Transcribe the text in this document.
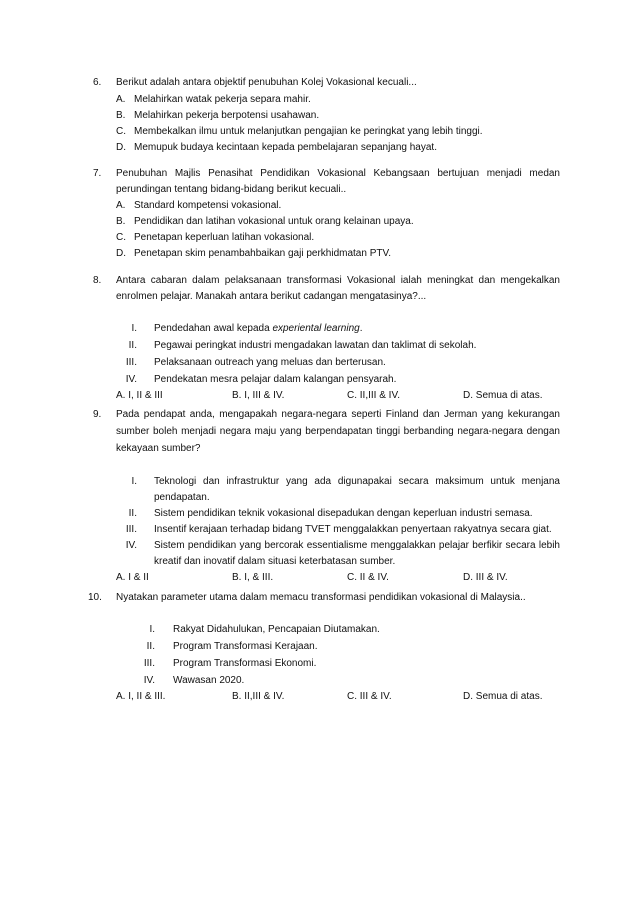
6. Berikut adalah antara objektif penubuhan Kolej Vokasional kecuali...
A. Melahirkan watak pekerja separa mahir.
B. Melahirkan pekerja berpotensi usahawan.
C. Membekalkan ilmu untuk melanjutkan pengajian ke peringkat yang lebih tinggi.
D. Memupuk budaya kecintaan kepada pembelajaran sepanjang hayat.
7. Penubuhan Majlis Penasihat Pendidikan Vokasional Kebangsaan bertujuan menjadi medan
perundingan tentang bidang-bidang berikut kecuali..
A. Standard kompetensi vokasional.
B. Pendidikan dan latihan vokasional untuk orang kelainan upaya.
C. Penetapan keperluan latihan vokasional.
D. Penetapan skim penambahbaikan gaji perkhidmatan PTV.
8. Antara cabaran dalam pelaksanaan transformasi Vokasional ialah meningkat dan mengekalkan
enrolmen pelajar. Manakah antara berikut cadangan mengatasinya?...
I. Pendedahan awal kepada experiental learning.
II. Pegawai peringkat industri mengadakan lawatan dan taklimat di sekolah.
III. Pelaksanaan outreach yang meluas dan berterusan.
IV. Pendekatan mesra pelajar dalam kalangan pensyarah.
A. I, II & III	B. I, III & IV.	C. II,III & IV.	D. Semua di atas.
9. Pada pendapat anda, mengapakah negara-negara seperti Finland dan Jerman yang kekurangan
sumber boleh menjadi negara maju yang berpendapatan tinggi berbanding negara-negara dengan
kekayaan sumber?
I. Teknologi dan infrastruktur yang ada digunapakai secara maksimum untuk menjana
pendapatan.
II. Sistem pendidikan teknik vokasional disepadukan dengan keperluan industri semasa.
III. Insentif kerajaan terhadap bidang TVET menggalakkan penyertaan rakyatnya secara giat.
IV. Sistem pendidikan yang bercorak essentialisme menggalakkan pelajar berfikir secara lebih
kreatif dan inovatif dalam situasi keterbatasan sumber.
A. I & II	B. I, & III.	C. II & IV.	D. III & IV.
10. Nyatakan parameter utama dalam memacu transformasi pendidikan vokasional di Malaysia..
I. Rakyat Didahulukan, Pencapaian Diutamakan.
II. Program Transformasi Kerajaan.
III. Program Transformasi Ekonomi.
IV. Wawasan 2020.
A. I, II & III.	B. II,III & IV.	C. III & IV.	D. Semua di atas.
